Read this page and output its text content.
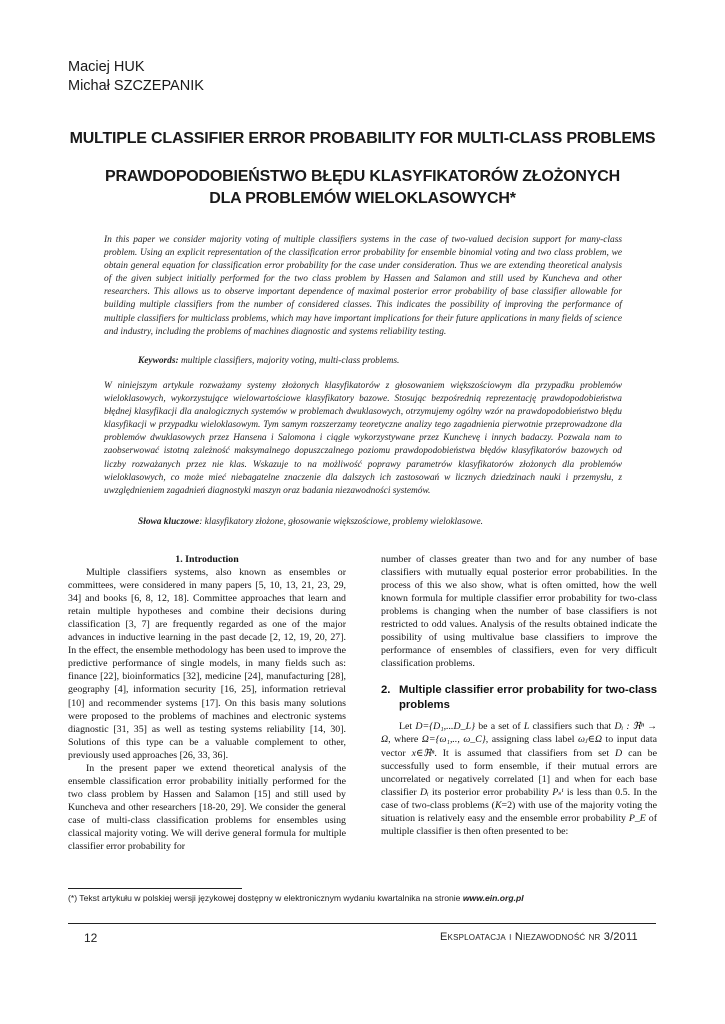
Maciej HUK
Michał SZCZEPANIK
MULTIPLE CLASSIFIER ERROR PROBABILITY FOR MULTI-CLASS PROBLEMS
PRAWDOPODOBIEŃSTWO BŁĘDU KLASYFIKATORÓW ZŁOŻONYCH
DLA PROBLEMÓW WIELOKLASOWYCH*
In this paper we consider majority voting of multiple classifiers systems in the case of two-valued decision support for many-class problem. Using an explicit representation of the classification error probability for ensemble binomial voting and two class problem, we obtain general equation for classification error probability for the case under consideration. Thus we are extending theoretical analysis of the given subject initially performed for the two class problem by Hassen and Salamon and still used by Kuncheva and other researchers. This allows us to observe important dependence of maximal posterior error probability of base classifier allowable for building multiple classifiers from the number of considered classes. This indicates the possibility of improving the performance of multiple classifiers for multiclass problems, which may have important implications for their future applications in many fields of science and industry, including the problems of machines diagnostic and systems reliability testing.
Keywords: multiple classifiers, majority voting, multi-class problems.
W niniejszym artykule rozważamy systemy złożonych klasyfikatorów z głosowaniem większościowym dla przypadku problemów wieloklasowych, wykorzystujące wielowartościowe klasyfikatory bazowe. Stosując bezpośrednią reprezentację prawdopodobieństwa błędnej klasyfikacji dla analogicznych systemów w problemach dwuklasowych, otrzymujemy ogólny wzór na prawdopodobieństwo błędu klasyfikacji w przypadku wieloklasowym. Tym samym rozszerzamy teoretyczne analizy tego zagadnienia pierwotnie przeprowadzone dla problemów dwuklasowych przez Hansena i Salomona i ciągle wykorzystywane przez Kunchevę i innych badaczy. Pozwala nam to zaobserwować istotną zależność maksymalnego dopuszczalnego poziomu prawdopodobieństwa błędów klasyfikatorów bazowych od liczby rozważanych przez nie klas. Wskazuje to na możliwość poprawy parametrów klasyfikatorów złożonych dla problemów wieloklasowych, co może mieć niebagatelne znaczenie dla dalszych ich zastosowań w licznych dziedzinach nauki i przemysłu, z uwzględnieniem zagadnień diagnostyki maszyn oraz badania niezawodności systemów.
Słowa kluczowe: klasyfikatory złożone, głosowanie większościowe, problemy wieloklasowe.
1. Introduction

Multiple classifiers systems, also known as ensembles or committees, were considered in many papers [5, 10, 13, 21, 23, 29, 34] and books [6, 8, 12, 18]. Committee approaches that learn and retain multiple hypotheses and combine their decisions during classification [3, 7] are frequently regarded as one of the major advances in inductive learning in the past decade [2, 12, 19, 20, 27]. In the effect, the ensemble methodology has been used to improve the predictive performance of single models, in many fields such as: finance [22], bioinformatics [32], medicine [24], manufacturing [28], geography [4], information security [16, 25], information retrieval [10] and recommender systems [17]. On this basis many solutions were proposed to the problems of machines and electronic systems diagnostic [31, 35] as well as testing systems reliability [14, 30]. Solutions of this type can be a valuable complement to other, previously used approaches [26, 33, 36].

In the present paper we extend theoretical analysis of the ensemble classification error probability initially performed for the two class problem by Hassen and Salamon [15] and still used by Kuncheva and other researchers [18-20, 29]. We consider the general case of multi-class classification problems for ensembles using classical majority voting. We will derive general formula for multiple classifier error probability for

number of classes greater than two and for any number of base classifiers with mutually equal posterior error probabilities. In the process of this we also show, what is often omitted, how the well known formula for multiple classifier error probability for two-class problems is changing when the number of base classifiers is not restricted to odd values. Analysis of the results obtained indicate the possibility of using multivalue base classifiers to improve the performance of ensembles of classifiers, even for very difficult classification problems.

2. Multiple classifier error probability for two-class problems

Let D={D₁,...D_L} be a set of L classifiers such that Dᵢ : ℜⁿ → Ω, where Ω={ω₁,.., ω_C}, assigning class label ωⱼ∈Ω to input data vector x∈ℜⁿ. It is assumed that classifiers from set D can be successfully used to form ensemble, if their mutual errors are uncorrelated or negatively correlated [1] and when for each base classifier Dᵢ its posterior error probability Pₛⁱ is less than 0.5. In the case of two-class problems (K=2) with use of the majority voting the situation is relatively easy and the ensemble error probability P_E of multiple classifier is then often presented to be:

(*) Tekst artykułu w polskiej wersji językowej dostępny w elektronicznym wydaniu kwartalnika na stronie www.ein.org.pl
12	Eksploatacja i Niezawodność nr 3/2011
